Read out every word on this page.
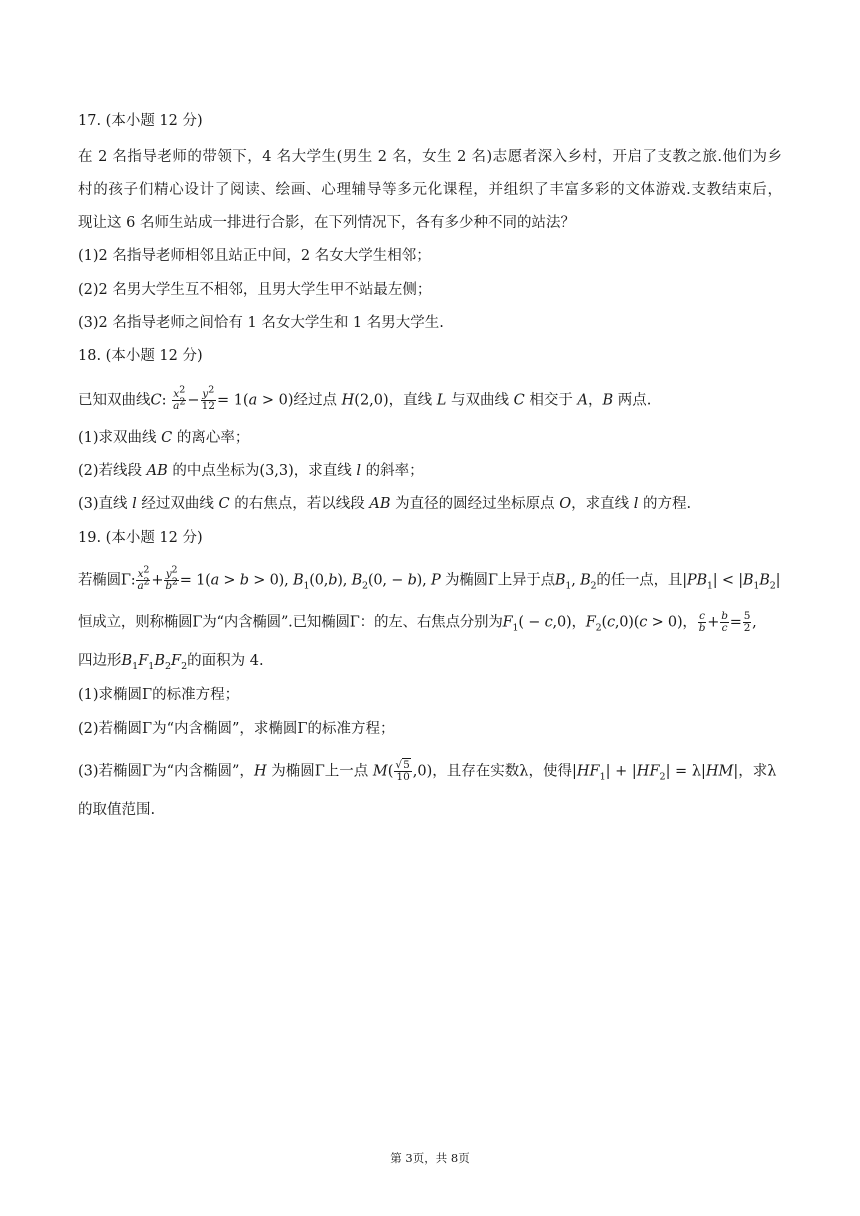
17. (本小题 12 分)
在 2 名指导老师的带领下，4 名大学生(男生 2 名，女生 2 名)志愿者深入乡村，开启了支教之旅.他们为乡
村的孩子们精心设计了阅读、绘画、心理辅导等多元化课程，并组织了丰富多彩的文体游戏.支教结束后，
现让这 6 名师生站成一排进行合影，在下列情况下，各有多少种不同的站法？
(1)2 名指导老师相邻且站正中间，2 名女大学生相邻；
(2)2 名男大学生互不相邻，且男大学生甲不站最左侧；
(3)2 名指导老师之间恰有 1 名女大学生和 1 名男大学生.
18. (本小题 12 分)
已知双曲线C: $\frac{x^2}{a^2} - \frac{y^2}{12} = 1(a > 0)$经过点 H(2,0)，直线 L 与双曲线 C 相交于 A，B 两点.
(1)求双曲线 C 的离心率；
(2)若线段 AB 的中点坐标为(3,3)，求直线 l 的斜率；
(3)直线 l 经过双曲线 C 的右焦点，若以线段 AB 为直径的圆经过坐标原点 O，求直线 l 的方程.
19. (本小题 12 分)
若椭圆Γ: $\frac{x^2}{a^2} + \frac{y^2}{b^2} = 1(a > b > 0)$, $B_1(0,b)$, $B_2(0$, − b), P 为椭圆Γ上异于点$B_1$, $B_2$的任一点，且$|PB_1| < |B_1B_2|$
恒成立，则称椭圆Γ为“内含椭圆”.已知椭圆Γ：的左、右焦点分别为$F_1( - c,0)$，$F_2(c,0)(c > 0)$， $\frac{c}{b} + \frac{b}{c} = \frac{5}{2}$ ,
四边形$B_1F_1B_2F_2$的面积为 4.
(1)求椭圆Γ的标准方程；
(2)若椭圆Γ为“内含椭圆”，求椭圆Γ的标准方程；
(3)若椭圆Γ为“内含椭圆”，H 为椭圆Γ上一点 $M( \frac{√5}{10} ,0)$，且存在实数λ，使得$|HF_1| + |HF_2| = \lambda|HM|$，求λ
的取值范围.
第 3页，共 8页
